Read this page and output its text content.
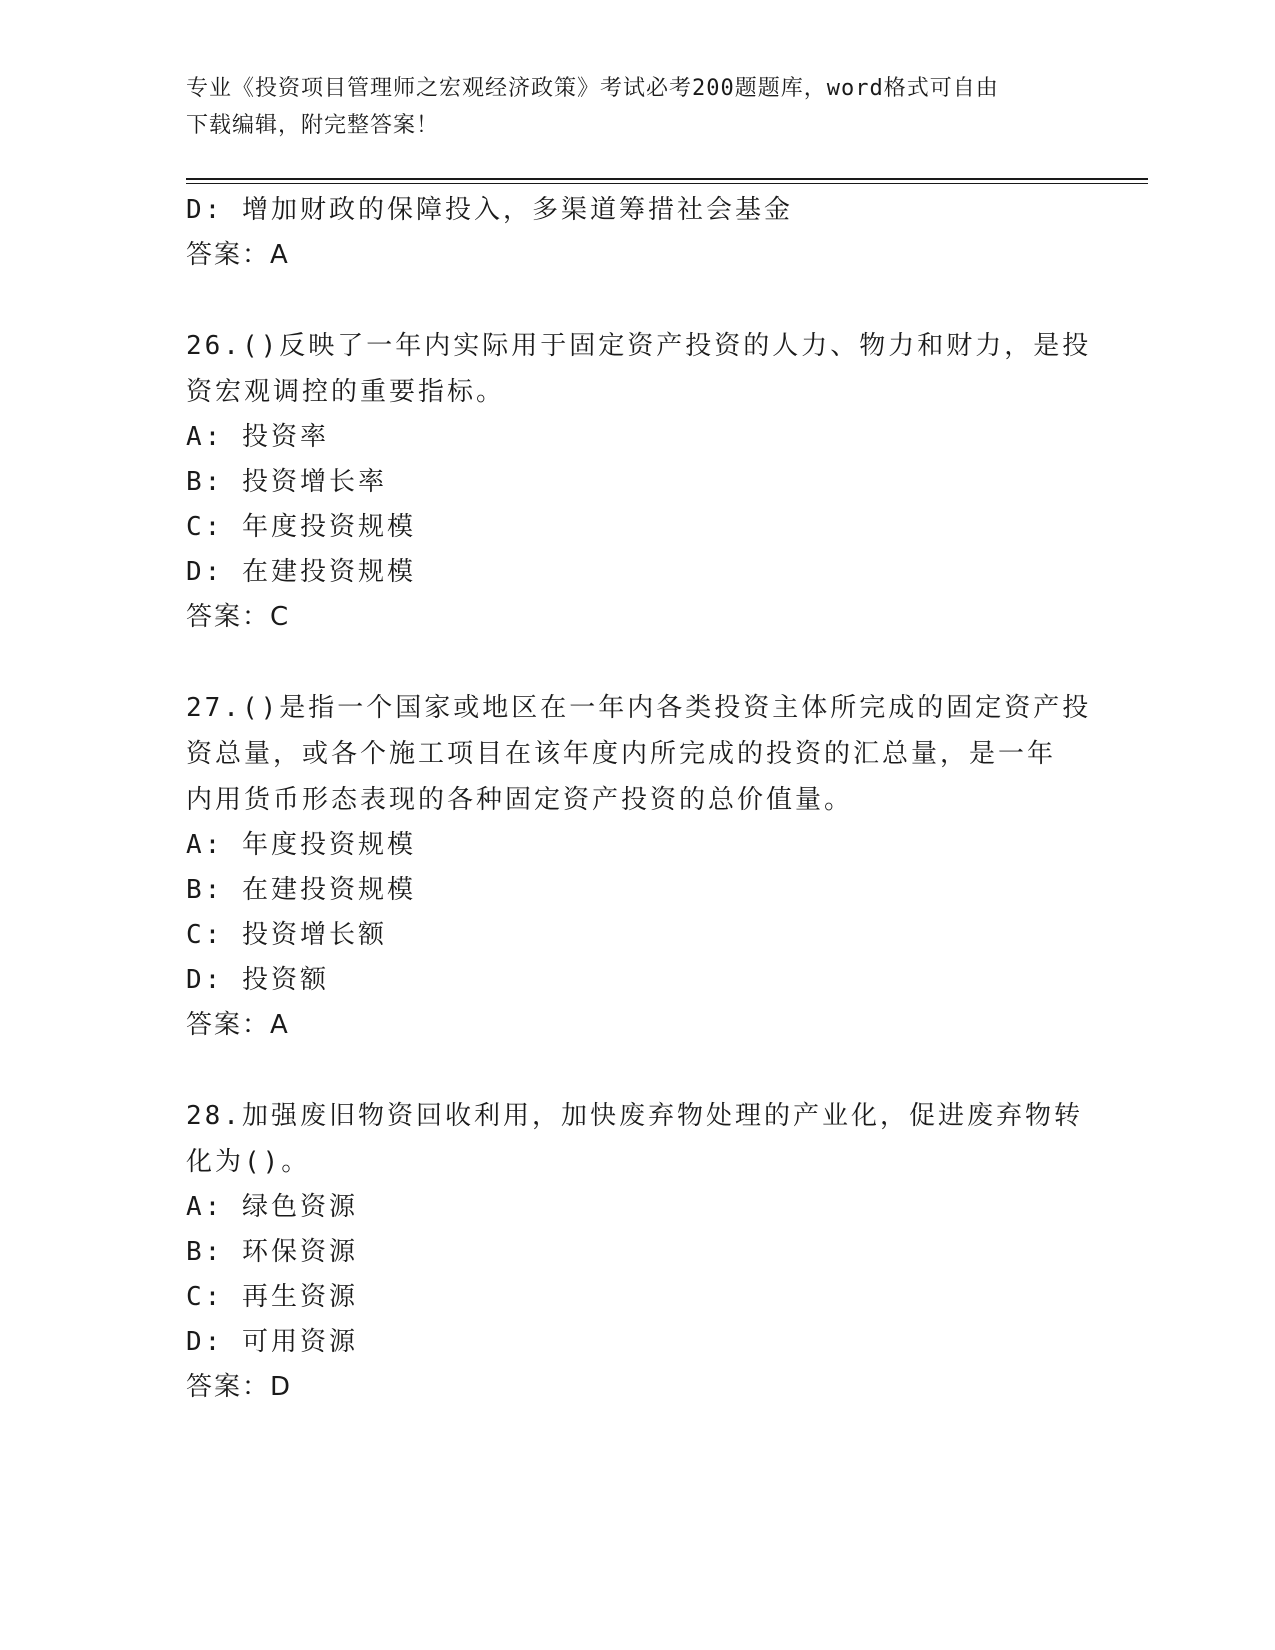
专业《投资项目管理师之宏观经济政策》考试必考200题题库，word格式可自由
下载编辑，附完整答案！
D: 增加财政的保障投入，多渠道筹措社会基金
答案：A
26.()反映了一年内实际用于固定资产投资的人力、物力和财力，是投
资宏观调控的重要指标。
A: 投资率
B: 投资增长率
C: 年度投资规模
D: 在建投资规模
答案：C
27.()是指一个国家或地区在一年内各类投资主体所完成的固定资产投
资总量，或各个施工项目在该年度内所完成的投资的汇总量，是一年
内用货币形态表现的各种固定资产投资的总价值量。
A: 年度投资规模
B: 在建投资规模
C: 投资增长额
D: 投资额
答案：A
28.加强废旧物资回收利用，加快废弃物处理的产业化，促进废弃物转
化为()。
A: 绿色资源
B: 环保资源
C: 再生资源
D: 可用资源
答案：D
